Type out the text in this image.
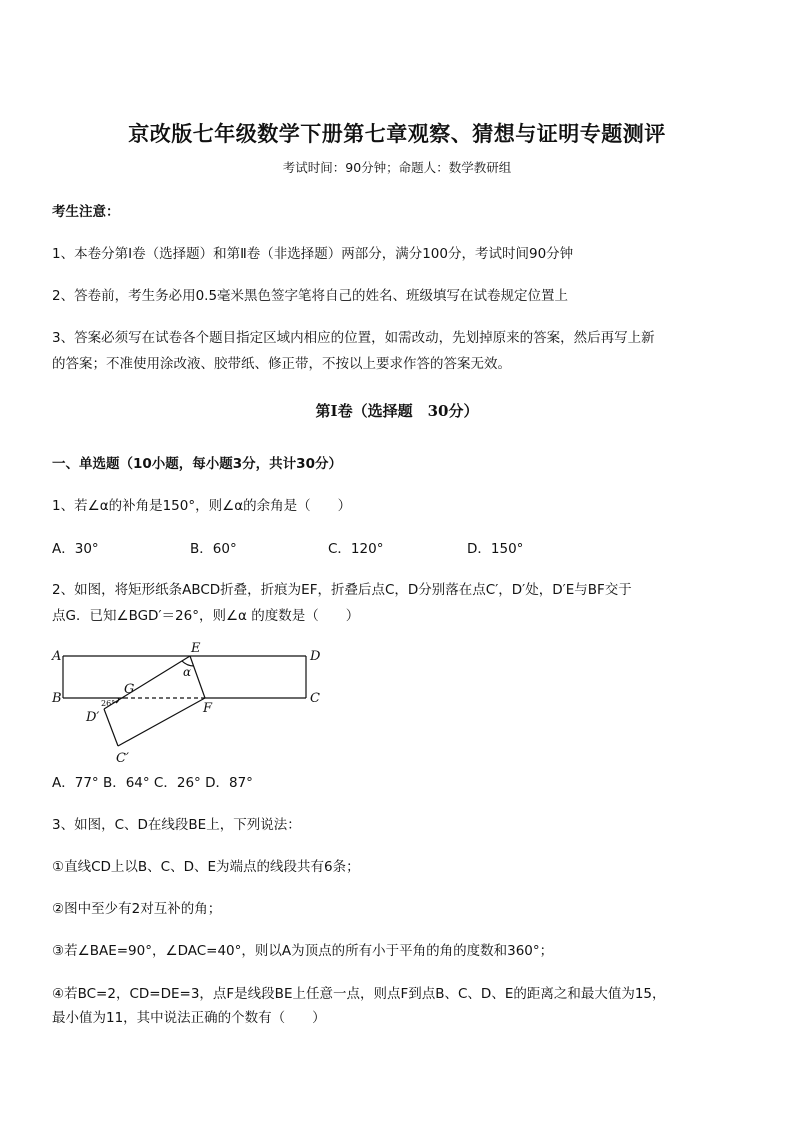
京改版七年级数学下册第七章观察、猜想与证明专题测评
考试时间：90分钟；命题人：数学教研组
考生注意：
1、本卷分第Ⅰ卷（选择题）和第Ⅱ卷（非选择题）两部分，满分100分，考试时间90分钟
2、答卷前，考生务必用0.5毫米黑色签字笔将自己的姓名、班级填写在试卷规定位置上
3、答案必须写在试卷各个题目指定区域内相应的位置，如需改动，先划掉原来的答案，然后再写上新
的答案；不准使用涂改液、胶带纸、修正带，不按以上要求作答的答案无效。
第Ⅰ卷（选择题　30分）
一、单选题（10小题，每小题3分，共计30分）
1、若∠α的补角是150°，则∠α的余角是（　　）
A．30°	B．60°	C．120°	D．150°
2、如图，将矩形纸条ABCD折叠，折痕为EF，折叠后点C，D分别落在点C′，D′处，D′E与BF交于
点G．已知∠BGD′＝26°，则∠α 的度数是（　　）
A
B
D
C
E
F
G
D′
C′
α
26°
A．77° B．64° C．26° D．87°
3、如图，C、D在线段BE上，下列说法：
①直线CD上以B、C、D、E为端点的线段共有6条；
②图中至少有2对互补的角；
③若∠BAE=90°，∠DAC=40°，则以A为顶点的所有小于平角的角的度数和360°；
④若BC=2，CD=DE=3，点F是线段BE上任意一点，则点F到点B、C、D、E的距离之和最大值为15，
最小值为11，其中说法正确的个数有（　　）
